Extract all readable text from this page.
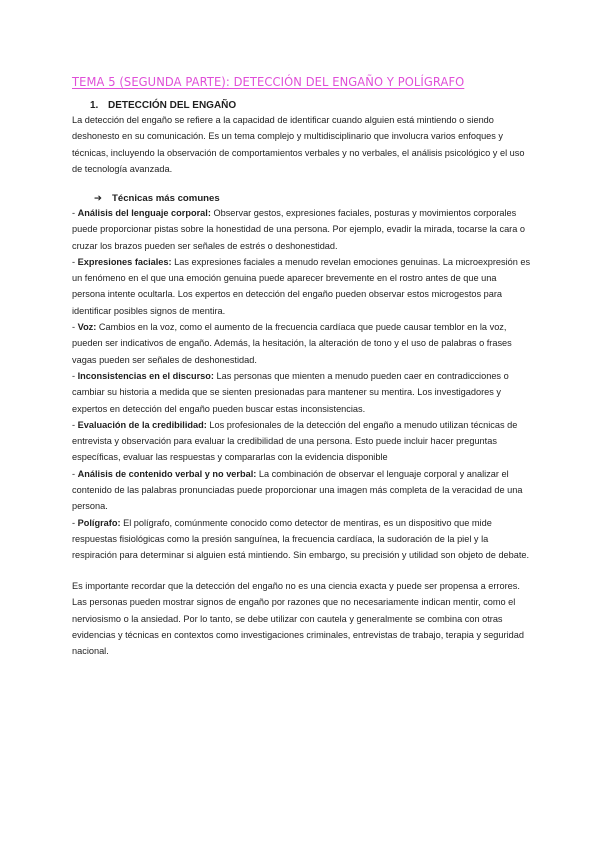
TEMA 5 (SEGUNDA PARTE): DETECCIÓN DEL ENGAÑO Y POLÍGRAFO
1. DETECCIÓN DEL ENGAÑO

La detección del engaño se refiere a la capacidad de identificar cuando alguien está mintiendo o siendo deshonesto en su comunicación. Es un tema complejo y multidisciplinario que involucra varios enfoques y técnicas, incluyendo la observación de comportamientos verbales y no verbales, el análisis psicológico y el uso de tecnología avanzada.

➔ Técnicas más comunes
- Análisis del lenguaje corporal: Observar gestos, expresiones faciales, posturas y movimientos corporales puede proporcionar pistas sobre la honestidad de una persona. Por ejemplo, evadir la mirada, tocarse la cara o cruzar los brazos pueden ser señales de estrés o deshonestidad.
- Expresiones faciales: Las expresiones faciales a menudo revelan emociones genuinas. La microexpresión es un fenómeno en el que una emoción genuina puede aparecer brevemente en el rostro antes de que una persona intente ocultarla. Los expertos en detección del engaño pueden observar estos microgestos para identificar posibles signos de mentira.
- Voz: Cambios en la voz, como el aumento de la frecuencia cardíaca que puede causar temblor en la voz, pueden ser indicativos de engaño. Además, la hesitación, la alteración de tono y el uso de palabras o frases vagas pueden ser señales de deshonestidad.
- Inconsistencias en el discurso: Las personas que mienten a menudo pueden caer en contradicciones o cambiar su historia a medida que se sienten presionadas para mantener su mentira. Los investigadores y expertos en detección del engaño pueden buscar estas inconsistencias.
- Evaluación de la credibilidad: Los profesionales de la detección del engaño a menudo utilizan técnicas de entrevista y observación para evaluar la credibilidad de una persona. Esto puede incluir hacer preguntas específicas, evaluar las respuestas y compararlas con la evidencia disponible
- Análisis de contenido verbal y no verbal: La combinación de observar el lenguaje corporal y analizar el contenido de las palabras pronunciadas puede proporcionar una imagen más completa de la veracidad de una persona.
- Polígrafo: El polígrafo, comúnmente conocido como detector de mentiras, es un dispositivo que mide respuestas fisiológicas como la presión sanguínea, la frecuencia cardíaca, la sudoración de la piel y la respiración para determinar si alguien está mintiendo. Sin embargo, su precisión y utilidad son objeto de debate.

Es importante recordar que la detección del engaño no es una ciencia exacta y puede ser propensa a errores. Las personas pueden mostrar signos de engaño por razones que no necesariamente indican mentir, como el nerviosismo o la ansiedad. Por lo tanto, se debe utilizar con cautela y generalmente se combina con otras evidencias y técnicas en contextos como investigaciones criminales, entrevistas de trabajo, terapia y seguridad nacional.
